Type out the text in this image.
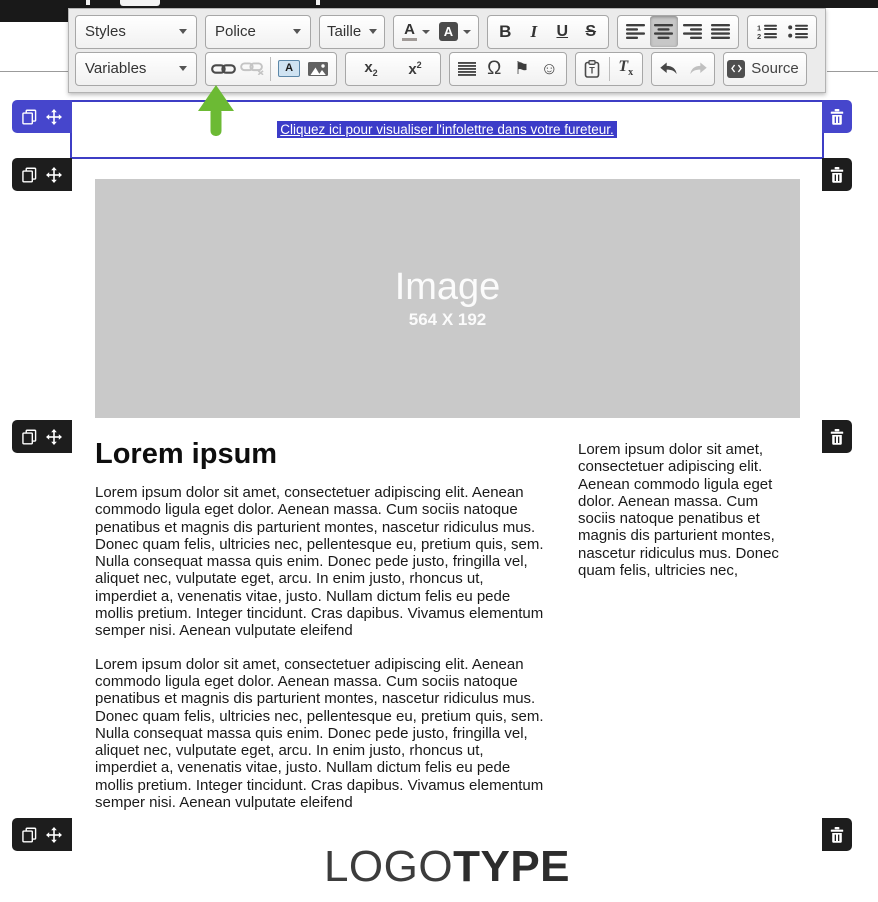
Styles	Police	Taille	A	A	B I U S	1
2
Variables	A	$x_2$ $x^2$	Ω ⚑ ☺	T $T_x$	Source
Cliquez ici pour visualiser l'infolettre dans votre fureteur.
Image
564 X 192
Lorem ipsum

Lorem ipsum dolor sit amet, consectetuer adipiscing elit. Aenean commodo ligula eget dolor. Aenean massa. Cum sociis natoque penatibus et magnis dis parturient montes, nascetur ridiculus mus. Donec quam felis, ultricies nec, pellentesque eu, pretium quis, sem. Nulla consequat massa quis enim. Donec pede justo, fringilla vel, aliquet nec, vulputate eget, arcu. In enim justo, rhoncus ut, imperdiet a, venenatis vitae, justo. Nullam dictum felis eu pede mollis pretium. Integer tincidunt. Cras dapibus. Vivamus elementum semper nisi. Aenean vulputate eleifend

Lorem ipsum dolor sit amet, consectetuer adipiscing elit. Aenean commodo ligula eget dolor. Aenean massa. Cum sociis natoque penatibus et magnis dis parturient montes, nascetur ridiculus mus. Donec quam felis, ultricies nec, pellentesque eu, pretium quis, sem. Nulla consequat massa quis enim. Donec pede justo, fringilla vel, aliquet nec, vulputate eget, arcu. In enim justo, rhoncus ut, imperdiet a, venenatis vitae, justo. Nullam dictum felis eu pede mollis pretium. Integer tincidunt. Cras dapibus. Vivamus elementum semper nisi. Aenean vulputate eleifend

Lorem ipsum dolor sit amet, consectetuer adipiscing elit. Aenean commodo ligula eget dolor. Aenean massa. Cum sociis natoque penatibus et magnis dis parturient montes, nascetur ridiculus mus. Donec quam felis, ultricies nec,
LOGOTYPE
